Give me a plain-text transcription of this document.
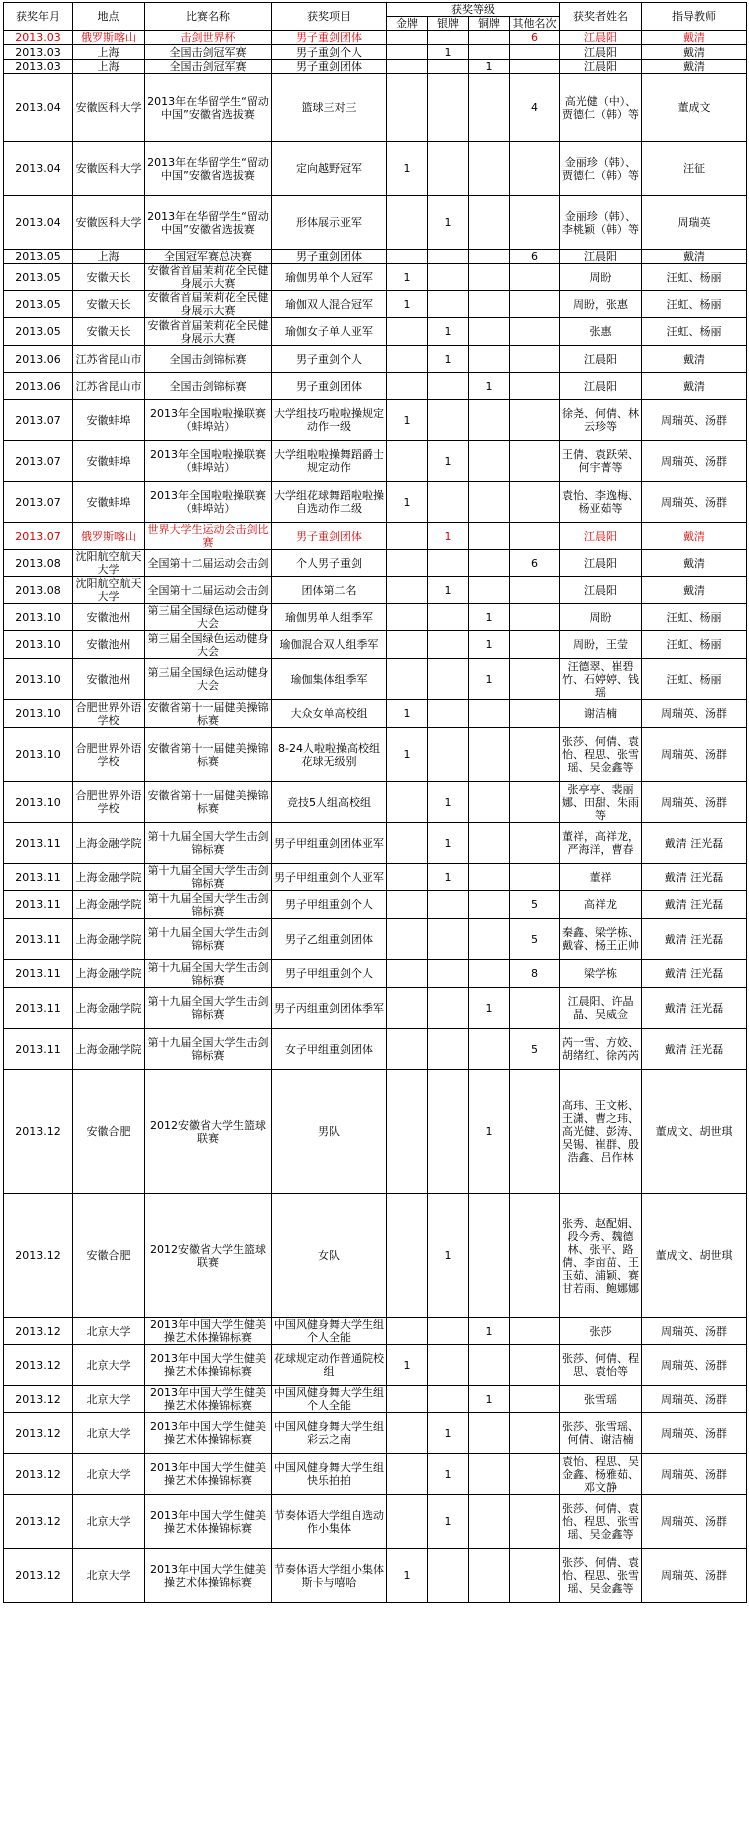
获奖年月	地点	比赛名称	获奖项目	获奖等级				获奖者姓名	指导教师
				金牌	银牌	铜牌	其他名次		
2013.03	俄罗斯喀山	击剑世界杯	男子重剑团体				6	江晨阳	戴清
2013.03	上海	全国击剑冠军赛	男子重剑个人		1			江晨阳	戴清
2013.03	上海	全国击剑冠军赛	男子重剑团体			1		江晨阳	戴清
2013.04	安徽医科大学	2013年在华留学生“留动中国”安徽省选拔赛	篮球三对三				4	高光健（中）、贾德仁（韩）等	董成文
2013.04	安徽医科大学	2013年在华留学生“留动中国”安徽省选拔赛	定向越野冠军	1				金丽珍（韩）、贾德仁（韩）等	汪征
2013.04	安徽医科大学	2013年在华留学生“留动中国”安徽省选拔赛	形体展示亚军		1			金丽珍（韩）、李桃颖（韩）等	周瑞英
2013.05	上海	全国冠军赛总决赛	男子重剑团体				6	江晨阳	戴清
2013.05	安徽天长	安徽省首届茉莉花全民健身展示大赛	瑜伽男单个人冠军	1				周盼	汪虹、杨丽
2013.05	安徽天长	安徽省首届茉莉花全民健身展示大赛	瑜伽双人混合冠军	1				周盼，张惠	汪虹、杨丽
2013.05	安徽天长	安徽省首届茉莉花全民健身展示大赛	瑜伽女子单人亚军		1			张惠	汪虹、杨丽
2013.06	江苏省昆山市	全国击剑锦标赛	男子重剑个人		1			江晨阳	戴清
2013.06	江苏省昆山市	全国击剑锦标赛	男子重剑团体			1		江晨阳	戴清
2013.07	安徽蚌埠	2013年全国啦啦操联赛（蚌埠站）	大学组技巧啦啦操规定动作一级	1				徐尧、何倩、林云珍等	周瑞英、汤群
2013.07	安徽蚌埠	2013年全国啦啦操联赛（蚌埠站）	大学组啦啦操舞蹈爵士规定动作		1			王倩、袁跃荣、何宇菁等	周瑞英、汤群
2013.07	安徽蚌埠	2013年全国啦啦操联赛（蚌埠站）	大学组花球舞蹈啦啦操自选动作二级	1				袁怡、李逸梅、杨亚茹等	周瑞英、汤群
2013.07	俄罗斯喀山	世界大学生运动会击剑比赛	男子重剑团体		1			江晨阳	戴清
2013.08	沈阳航空航天大学	全国第十二届运动会击剑	个人男子重剑				6	江晨阳	戴清
2013.08	沈阳航空航天大学	全国第十二届运动会击剑	团体第二名		1			江晨阳	戴清
2013.10	安徽池州	第三届全国绿色运动健身大会	瑜伽男单人组季军			1		周盼	汪虹、杨丽
2013.10	安徽池州	第三届全国绿色运动健身大会	瑜伽混合双人组季军			1		周盼，王莹	汪虹、杨丽
2013.10	安徽池州	第三届全国绿色运动健身大会	瑜伽集体组季军			1		汪德翠、崔碧竹、石婷婷、钱瑶	汪虹、杨丽
2013.10	合肥世界外语学校	安徽省第十一届健美操锦标赛	大众女单高校组	1				谢洁楠	周瑞英、汤群
2013.10	合肥世界外语学校	安徽省第十一届健美操锦标赛	8-24人啦啦操高校组花球无级别	1				张莎、何倩、袁怡、程思、张雪瑶、吴金鑫等	周瑞英、汤群
2013.10	合肥世界外语学校	安徽省第十一届健美操锦标赛	竞技5人组高校组		1			张亭亭、裴丽娜、田甜、朱雨等	周瑞英、汤群
2013.11	上海金融学院	第十九届全国大学生击剑锦标赛	男子甲组重剑团体亚军		1			董祥，高祥龙，严海洋，曹春	戴清 汪光磊
2013.11	上海金融学院	第十九届全国大学生击剑锦标赛	男子甲组重剑个人亚军		1			董祥	戴清 汪光磊
2013.11	上海金融学院	第十九届全国大学生击剑锦标赛	男子甲组重剑个人				5	高祥龙	戴清 汪光磊
2013.11	上海金融学院	第十九届全国大学生击剑锦标赛	男子乙组重剑团体				5	秦鑫、梁学栋、戴睿、杨王正帅	戴清 汪光磊
2013.11	上海金融学院	第十九届全国大学生击剑锦标赛	男子甲组重剑个人				8	梁学栋	戴清 汪光磊
2013.11	上海金融学院	第十九届全国大学生击剑锦标赛	男子丙组重剑团体季军			1		江晨阳、许晶晶、吴威佥	戴清 汪光磊
2013.11	上海金融学院	第十九届全国大学生击剑锦标赛	女子甲组重剑团体				5	芮一雪、方姣、胡绪红、徐芮芮	戴清 汪光磊
2013.12	安徽合肥	2012安徽省大学生篮球联赛	男队			1		高玮、王文彬、王潇、曹之玮、高光健、彭涛、吴锡、崔群、殷浩鑫、吕作林	董成文、胡世琪
2013.12	安徽合肥	2012安徽省大学生篮球联赛	女队		1			张秀、赵配娟、段今秀、魏德林、张平、路倩、李亩苗、王玉茹、浦颖、赛甘若雨、鲍娜娜	董成文、胡世琪
2013.12	北京大学	2013年中国大学生健美操艺术体操锦标赛	中国风健身舞大学生组个人全能			1		张莎	周瑞英、汤群
2013.12	北京大学	2013年中国大学生健美操艺术体操锦标赛	花球规定动作普通院校组	1				张莎、何倩、程思、袁怡等	周瑞英、汤群
2013.12	北京大学	2013年中国大学生健美操艺术体操锦标赛	中国风健身舞大学生组个人全能			1		张雪瑶	周瑞英、汤群
2013.12	北京大学	2013年中国大学生健美操艺术体操锦标赛	中国风健身舞大学生组彩云之南		1			张莎、张雪瑶、何倩、谢洁楠	周瑞英、汤群
2013.12	北京大学	2013年中国大学生健美操艺术体操锦标赛	中国风健身舞大学生组快乐拍拍		1			袁怡、程思、吴金鑫、杨雅茹、邓文静	周瑞英、汤群
2013.12	北京大学	2013年中国大学生健美操艺术体操锦标赛	节奏体语大学组自选动作小集体		1			张莎、何倩、袁怡、程思、张雪瑶、吴金鑫等	周瑞英、汤群
2013.12	北京大学	2013年中国大学生健美操艺术体操锦标赛	节奏体语大学组小集体斯卡与嘻哈	1				张莎、何倩、袁怡、程思、张雪瑶、吴金鑫等	周瑞英、汤群
